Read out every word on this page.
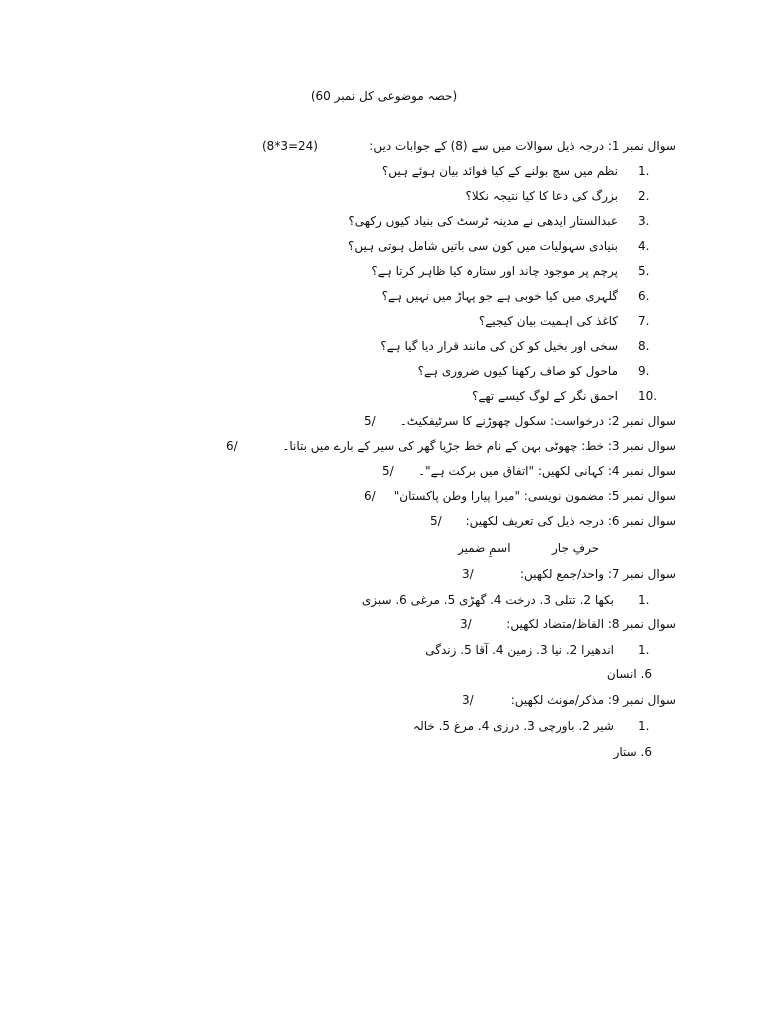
(حصہ موضوعی کل نمبر 60)
سوال نمبر 1: درجہ ذیل سوالات میں سے (8) کے جوابات دیں:
(8*3=24)
1.
نظم میں سچ بولنے کے کیا فوائد بیان ہوئے ہیں؟
2.
بزرگ کی دعا کا کیا نتیجہ نکلا؟
3.
عبدالستار ایدھی نے مدینہ ٹرسٹ کی بنیاد کیوں رکھی؟
4.
بنیادی سہولیات میں کون سی باتیں شامل ہوتی ہیں؟
5.
پرچم پر موجود چاند اور ستارہ کیا ظاہر کرتا ہے؟
6.
گلہری میں کیا خوبی ہے جو پہاڑ میں نہیں ہے؟
7.
کاغذ کی اہمیت بیان کیجیے؟
8.
سخی اور بخیل کو کن کی مانند قرار دیا گیا ہے؟
9.
ماحول کو صاف رکھنا کیوں ضروری ہے؟
10.
احمق نگر کے لوگ کیسے تھے؟
سوال نمبر 2: درخواست: سکول چھوڑنے کا سرٹیفکیٹ۔
5/
سوال نمبر 3: خط: چھوٹی بہن کے نام خط جڑیا گھر کی سیر کے بارے میں بتانا۔
6/
سوال نمبر 4: کہانی لکھیں: "اتفاق میں برکت ہے"۔
5/
سوال نمبر 5: مضمون نویسی: "میرا پیارا وطن پاکستان"
6/
سوال نمبر 6: درجہ ذیل کی تعریف لکھیں:
5/
اسمِ ضمیر	حرفِ جار
سوال نمبر 7: واحد/جمع لکھیں:
3/
1.
بکھا 2. تتلی 3. درخت 4. گھڑی 5. مرغی 6. سبزی
سوال نمبر 8: الفاظ/متضاد لکھیں:
3/
1.
اندھیرا 2. نیا 3. زمین 4. آقا 5. زندگی
6. انسان
سوال نمبر 9: مذکر/مونث لکھیں:
3/
1.
شیر 2. باورچی 3. درزی 4. مرغ 5. خالہ
6. ستار
